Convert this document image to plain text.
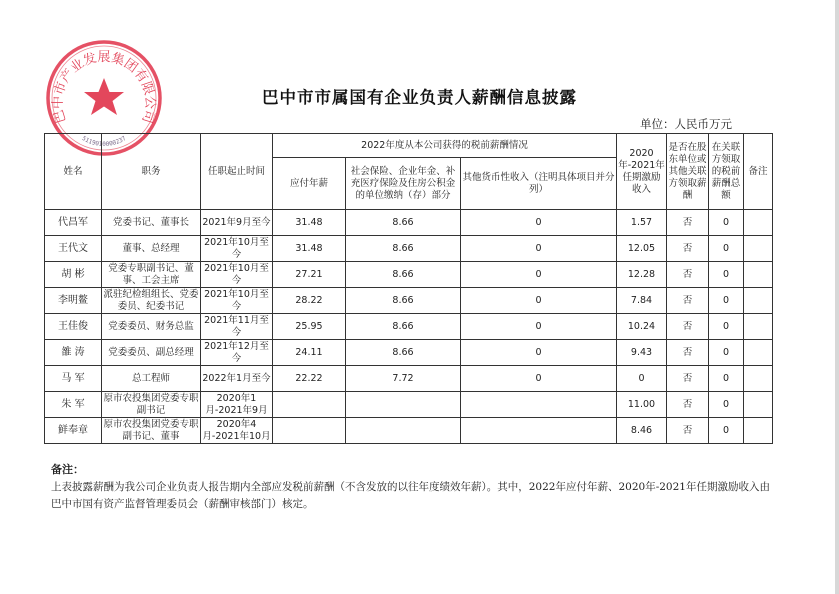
巴中市产业发展集团有限公司
5119010000237
巴中市市属国有企业负责人薪酬信息披露
单位：人民币万元
姓名	职务	任职起止时间	2022年度从本公司获得的税前薪酬情况			2020年-2021年任期激励收入	是否在股东单位或其他关联方领取薪酬	在关联方领取的税前薪酬总额	备注
			应付年薪	社会保险、企业年金、补充医疗保险及住房公积金的单位缴纳（存）部分	其他货币性收入（注明具体项目并分列）				
代昌军	党委书记、董事长	2021年9月至今	31.48	8.66	0	1.57	否	0	
王代文	董事、总经理	2021年10月至今	31.48	8.66	0	12.05	否	0	
胡 彬	党委专职副书记、董事、工会主席	2021年10月至今	27.21	8.66	0	12.28	否	0	
李明鳌	派驻纪检组组长、党委委员、纪委书记	2021年10月至今	28.22	8.66	0	7.84	否	0	
王佳俊	党委委员、财务总监	2021年11月至今	25.95	8.66	0	10.24	否	0	
雒 涛	党委委员、副总经理	2021年12月至今	24.11	8.66	0	9.43	否	0	
马 军	总工程师	2022年1月至今	22.22	7.72	0	0	否	0	
朱 军	原市农投集团党委专职副书记	2020年1月-2021年9月				11.00	否	0	
鲜奉章	原市农投集团党委专职副书记、董事	2020年4月-2021年10月				8.46	否	0	
备注：
上表披露薪酬为我公司企业负责人报告期内全部应发税前薪酬（不含发放的以往年度绩效年薪）。其中，2022年应付年薪、2020年-2021年任期激励收入由巴中市国有资产监督管理委员会（薪酬审核部门）核定。
